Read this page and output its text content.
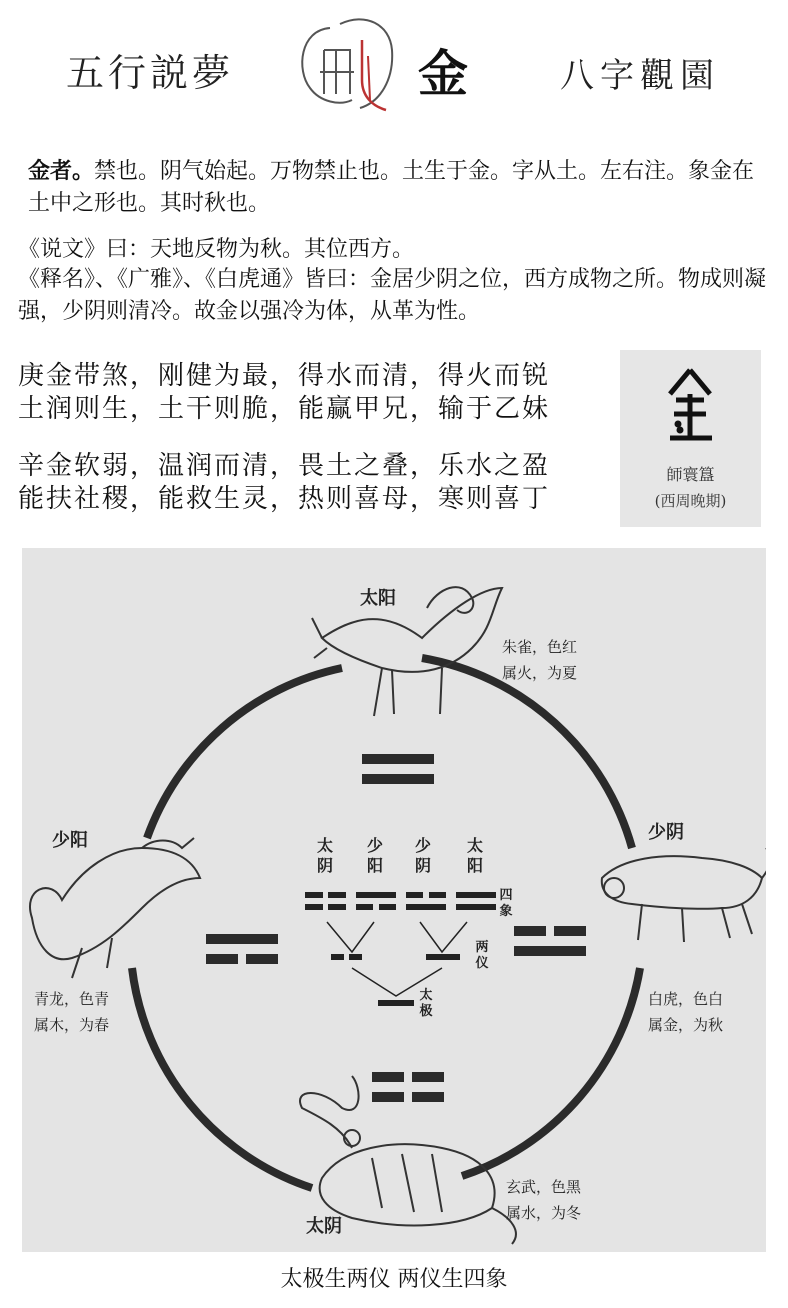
五行説夢	金	八字觀園
金者。禁也。阴气始起。万物禁止也。土生于金。字从土。左右注。象金在土中之形也。其时秋也。
《说文》曰：天地反物为秋。其位西方。
《释名》、《广雅》、《白虎通》皆曰：金居少阴之位，西方成物之所。物成则凝强，少阴则清冷。故金以强冷为体，从革为性。
庚金带煞，刚健为最，得水而清，得火而锐
土润则生，土干则脆，能赢甲兄，输于乙妹
辛金软弱，温润而清，畏土之叠，乐水之盈
能扶社稷，能救生灵，热则喜母，寒则喜丁
師寰簋
(西周晚期)
太阳
朱雀，色红
属火，为夏
少阳
青龙，色青
属木，为春
少阴
白虎，色白
属金，为秋
太阴
玄武，色黑
属水，为冬
太阴
少阳
少阴
太阳
四象
两仪
太极
太极生两仪 两仪生四象
